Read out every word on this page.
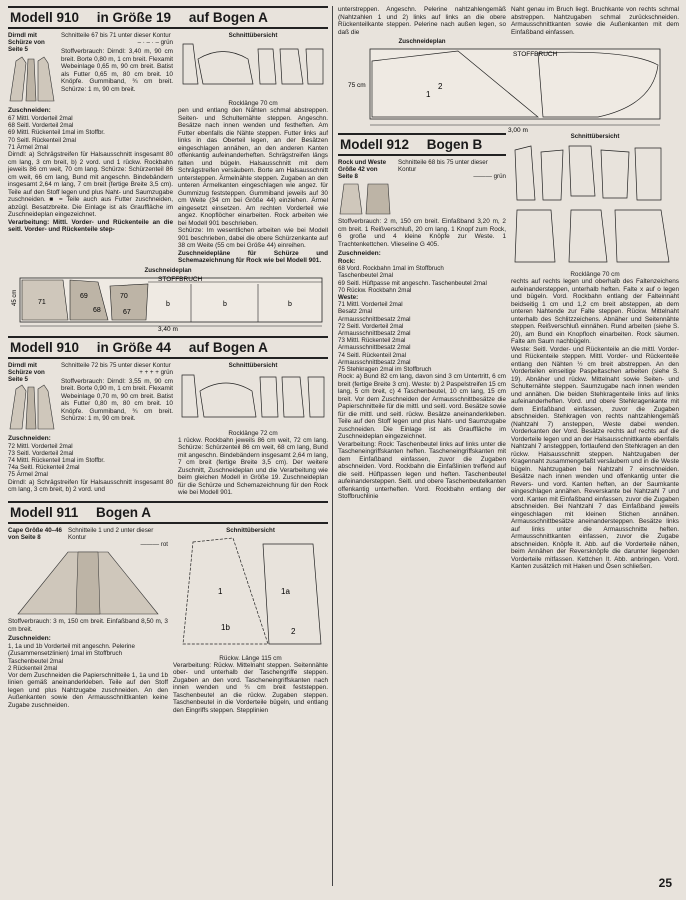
Modell 910 in Größe 19 auf Bogen A
Dirndl mit Schürze von Seite 5
Schnitteile 67 bis 71 unter dieser Kontur
– · – · – grün

Stoffverbrauch: Dirndl: 3,40 m, 90 cm breit. Borte 0,80 m, 1 cm breit. Flexamit Webeinlage 0,65 m, 90 cm breit. Batist als Futter 0,65 m, 80 cm breit. 10 Knöpfe. Gummiband, ¾ cm breit. Schürze: 1 m, 90 cm breit.

Zuschneiden:
67 Mittl. Vorderteil 2mal
68 Seitl. Vorderteil 2mal
69 Mittl. Rückenteil 1mal im Stoffbr.
70 Seitl. Rückenteil 2mal
71 Ärmel 2mal

Dirndl: a) Schrägstreifen für Halsausschnitt insgesamt 80 cm lang, 3 cm breit, b) 2 vord. und 1 rückw. Rockbahn jeweils 86 cm weit, 70 cm lang. Schürze: Schürzenteil 86 cm weit, 66 cm lang, Bund mit angeschn. Bindebändern insgesamt 2,64 m lang, 7 cm breit (fertige Breite 3,5 cm). Teile auf den Stoff legen und plus Naht- und Saumzugabe zuschneiden. ■ = Teile auch aus Futter zuschneiden, abzügl. Besatzbreite. Die Einlage ist als Grauffläche im Zuschneideplan eingezeichnet.

Verarbeitung: Mittl. Vorder- und Rückenteile an die seitl. Vorder- und Rückenteile step-

Schnittübersicht
Rocklänge 70 cm

pen und entlang den Nähten schmal abstreppen. Seiten- und Schulternähte steppen. Angeschn. Besätze nach innen wenden und festheften. Am Futter ebenfalls die Nähte steppen. Futter links auf links in das Oberteil legen, an der Besätzen eingeschlagen annähen, an den anderen Kanten offenkantig aufeinanderheften. Schrägstreifen längs falten und bügeln. Halsausschnitt mit dem Schrägstreifen versäubern. Borte am Halsausschnitt untersteppen. Ärmelnähte steppen. Zugaben an den unteren Ärmelkanten eingeschlagen wie angez. für Gummizug feststeppen. Gummiband jeweils auf 30 cm Weite (34 cm bei Größe 44) einziehen. Ärmel eingesetzt einsetzen. Am rechten Vorderteil wie angez. Knopflöcher einarbeiten. Rock arbeiten wie bei Modell 901 beschrieben.

Schürze: Im wesentlichen arbeiten wie bei Modell 901 beschrieben, dabei die obere Schürzenkante auf 38 cm Weite (55 cm bei Größe 44) einreihen.

Zuschneidepläne für Schürze und Schemazeichnung für Rock wie bel Modell 901.

Zuschneideplan
45 cm
STOFFBRUCH
71
69
68
70
67
b	b	b
3,40 m
Modell 910 in Größe 44 auf Bogen A
Dirndl mit Schürze von Seite 5
Schnitteile 72 bis 75 unter dieser Kontur
+ + + + grün

Stoffverbrauch: Dirndl: 3,55 m, 90 cm breit. Borte 0,90 m, 1 cm breit. Flexamit Webeinlage 0,70 m, 90 cm breit. Batist als Futter 0,80 m, 80 cm breit. 10 Knöpfe. Gummiband, ¾ cm breit. Schürze: 1 m, 90 cm breit.

Zuschneiden:
72 Mittl. Vorderteil 2mal
73 Seitl. Vorderteil 2mal
74 Mittl. Rückenteil 1mal im Stoffbr.
74a Seitl. Rückenteil 2mal
75 Ärmel 2mal

Dirndl: a) Schrägstreifen für Halsausschnitt insgesamt 80 cm lang, 3 cm breit, b) 2 vord. und

Schnittübersicht
Rocklänge 72 cm

1 rückw. Rockbahn jeweils 86 cm weit, 72 cm lang. Schürze: Schürzenteil 86 cm weit, 68 cm lang, Bund mit angeschn. Bindebändern insgesamt 2,64 m lang, 7 cm breit (fertige Breite 3,5 cm). Der weitere Zuschnitt, Zuschneideplan und die Verarbeitung wie beim gleichen Modell in Größe 19. Zuschneideplan für die Schürze und Schemazeichnung für den Rock wie bei Modell 901.

Modell 911 Bogen A
Cape Größe 40–46 von Seite 8
Schnitteile 1 und 2 unter dieser Kontur
——— rot

Stoffverbrauch: 3 m, 150 cm breit. Einfaßband 8,50 m, 3 cm breit.

Zuschneiden:
1, 1a und 1b Vorderteil mit angeschn. Pelerine (Zusammensetzlinien) 1mal im Stoffbruch
Taschenbeutel 2mal
2 Rückenteil 2mal

Vor dem Zuschneiden die Papierschnitteile 1, 1a und 1b linien gemäß aneinanderkleben. Teile auf den Stoff legen und plus Nahtzugabe zuschneiden. An den Außenkanten sowie den Armausschnittkanten keine Zugabe zuschneiden.

Schnittübersicht
1	1a
1b	2
Rückw. Länge 115 cm

Verarbeitung: Rückw. Mittelnaht steppen. Seitennähte ober- und unterhalb der Taschengriffe steppen. Zugaben an den vord. Tascheneingriffskanten nach innen wenden und ¾ cm breit feststeppen. Taschenbeutel an die rückw. Zugaben steppen. Taschenbeutel in die Vorderteile bügeln, und entlang den Eingriffs steppen. Stepplinien

unterstreppen. Angeschn. Pelerine nahtzahlengemäß (Nahtzahlen 1 und 2) links auf links an die obere Rückenteilkante steppen. Pelerine nach außen legen, so daß die

Naht genau im Bruch liegt. Bruchkante von rechts schmal abstreppen. Nahtzugaben schmal zurückschneiden. Armausschnittkanten sowie die Außenkanten mit dem Einfaßband einfassen.

Zuschneideplan
STOFFBRUCH
1
2
75 cm
3,00 m
Modell 912 Bogen B
Rock und Weste Größe 42 von Seite 8
Schnitteile 68 bis 75 unter dieser Kontur
——— grün

Stoffverbrauch: 2 m, 150 cm breit. Einfaßband 3,20 m, 2 cm breit. 1 Reißverschluß, 20 cm lang. 1 Knopf zum Rock, 6 große und 4 kleine Knöpfe zur Weste. 1 Trachtenkettchen. Vlieseline G 405.

Zuschneiden:
Rock:
68 Vord. Rockbahn 1mal im Stoffbruch
Taschenbeutel 2mal
69 Seitl. Hüftpasse mit angeschn. Taschenbeutel 2mal
70 Rückw. Rockbahn 2mal
Weste:
71 Mittl. Vorderteil 2mal
Besatz 2mal
Armausschnittbesatz 2mal
72 Seitl. Vorderteil 2mal
Armausschnittbesatz 2mal
73 Mittl. Rückenteil 2mal
Armausschnittbesatz 2mal
74 Seitl. Rückenteil 2mal
Armausschnittbesatz 2mal
75 Stehkragen 2mal im Stoffbruch

Rock: a) Bund 82 cm lang, davon sind 3 cm Untertritt, 6 cm breit (fertige Breite 3 cm). Weste: b) 2 Paspelstreifen 15 cm lang, 5 cm breit, c) 4 Taschenbeutel, 10 cm lang, 15 cm breit. Vor dem Zuschneiden der Armausschnittbesätze die Papierschnitteile für die mittl. und seitl. vord. Besätze sowie für die mittl. und seitl. rückw. Besätze aneinanderkleben. Teile auf den Stoff legen und plus Naht- und Saumzugabe zuschneiden. Die Einlage ist als Grauffläche im Zuschneideplan eingezeichnet.

Verarbeitung: Rock: Taschenbeutel links auf links unter die Tascheneingriffskanten heften. Tascheneingriffskanten mit dem Einfaßband einfassen, zuvor die Zugaben abschneiden. Vord. Rockbahn die Einfaßlinien treffend auf die seitl. Hüftpassen legen und heften. Taschenbeutel aufeinandersteppen. Seitl. und obere Taschenbeutelkanten offenkantig unterheften. Vord. Rockbahn entlang der Stoffbruchlinie

Schnittübersicht
Rocklänge 70 cm

rechts auf rechts legen und oberhalb des Faltenzeichens aufeinandersteppen, unterhalb heften. Falte x auf o legen und bügeln. Vord. Rockbahn entlang der Falteinnaht beidseitig 1 cm und 1,2 cm breit absteppen, ab dem unteren Nahtende zur Falte steppen. Rückw. Mittelnaht unterhalb des Schlitzzeichens. Abnäher und Seitennähte steppen. Reißverschluß einnähen. Rund arbeiten (siehe S. 20), am Bund ein Knopfloch einarbeiten. Rock säumen. Falte am Saum nachbügeln.

Weste: Seitl. Vorder- und Rückenteile an die mittl. Vorder- und Rückenteile steppen. Mittl. Vorder- und Rückenteile entlang den Nähten ½ cm breit abstreppen. An den Vorderteilen einseitige Paspeltaschen arbeiten (siehe S. 19). Abnäher und rückw. Mittelnaht sowie Seiten- und Schulternähte steppen. Saumzugabe nach innen wenden und annähen. Die beiden Stehkragenteile links auf links aufeinanderheften. Vord. und obere Stehkragenkante mit dem Einfaßband einfassen, zuvor die Zugaben abschneiden. Stehkragen von rechts nahtzahlengemäß (Nahtzahl 7) ansteppen, Weste dabei wenden. Vorderkanten der Vord. Besätze rechts auf rechts auf die Vorderteile legen und an der Halsausschnittkante ebenfalls Nahtzahl 7 anstegppen, fortlaufend den Stehkragen an den rückw. Halsausschnitt steppen. Nahtzugaben der Kragennaht zusammengefaßt versäubern und in die Weste bügeln. Nahtzugaben bei Nahtzahl 7 einschneiden. Besätze nach innen wenden und offenkantig unter die Revers- und vord. Kanten heften, an der Saumkante eingeschlagen annähen. Reverskante bei Nahtzahl 7 und vord. Kanten mit Einfaßband einfassen, zuvor die Zugaben abschneiden. Bei Nahtzahl 7 das Einfaßband jeweils eingeschlagen mit kleinen Stichen annähen. Armausschnittbesätze aneinandersteppen. Besätze links auf links unter die Armausschnitte heften. Armausschnittkanten einfassen, zuvor die Zugabe abschneiden. Knöpfe It. Abb. auf die Vorderteile nähen, beim Annähen der Reversknöpfe die darunter liegenden Vorderteile mitfassen. Kettchen It. Abb. anbringen. Vord. Kanten zusätzlich mit Haken und Ösen schließen.

25
